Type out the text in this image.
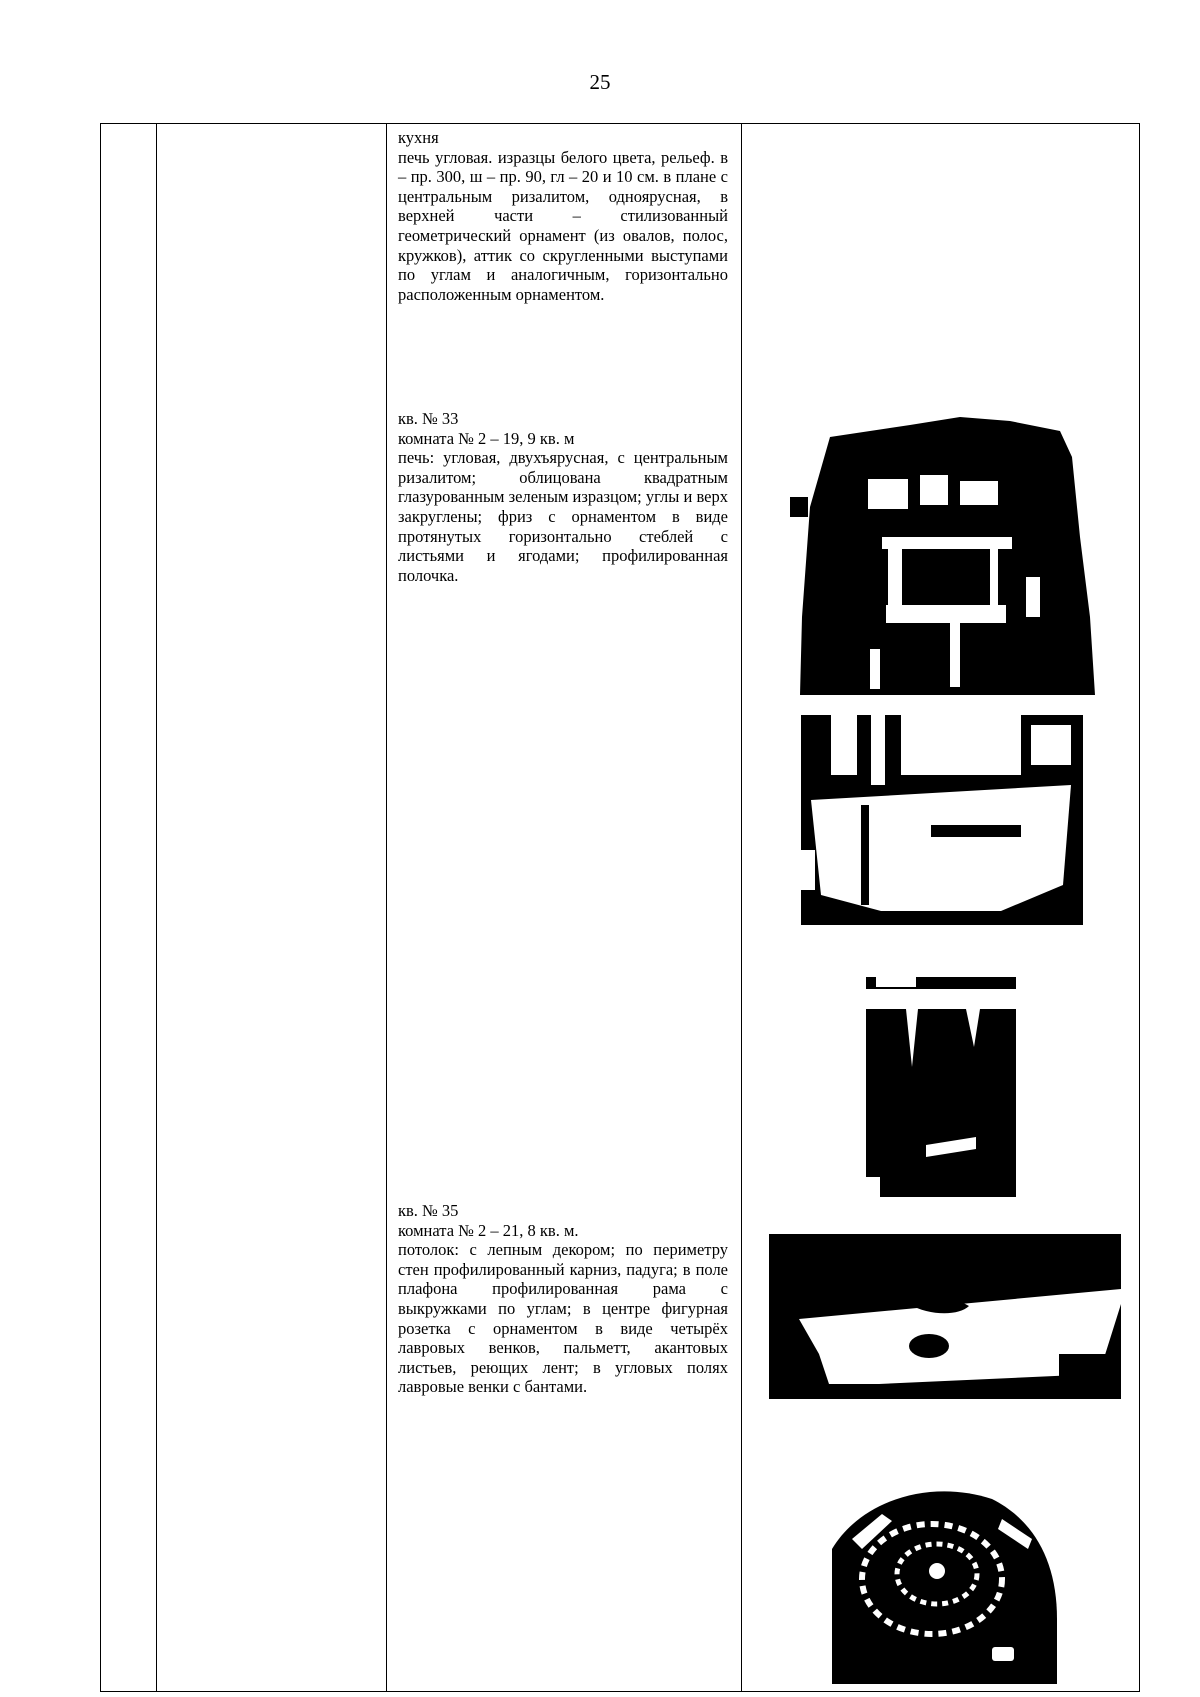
25

кухня

печь угловая. изразцы белого цвета, рельеф. в – пр. 300, ш – пр. 90, гл – 20 и 10 см. в плане с центральным ризалитом, одноярусная, в верхней части – стилизованный геометрический орнамент (из овалов, полос, кружков), аттик со скругленными выступами по углам и аналогичным, горизонтально расположенным орнаментом.

кв. № 33

комната № 2 – 19, 9 кв. м

печь: угловая, двухъярусная, с центральным ризалитом; облицована квадратным глазурованным зеленым изразцом; углы и верх закруглены; фриз с орнаментом в виде протянутых горизонтально стеблей с листьями и ягодами; профилированная полочка.

кв. № 35

комната № 2 – 21, 8 кв. м.

потолок: с лепным декором; по периметру стен профилированный карниз, падуга; в поле плафона профилированная рама с выкружками по углам; в центре фигурная розетка с орнаментом в виде четырёх лавровых венков, пальметт, акантовых листьев, реющих лент; в угловых полях лавровые венки с бантами.
